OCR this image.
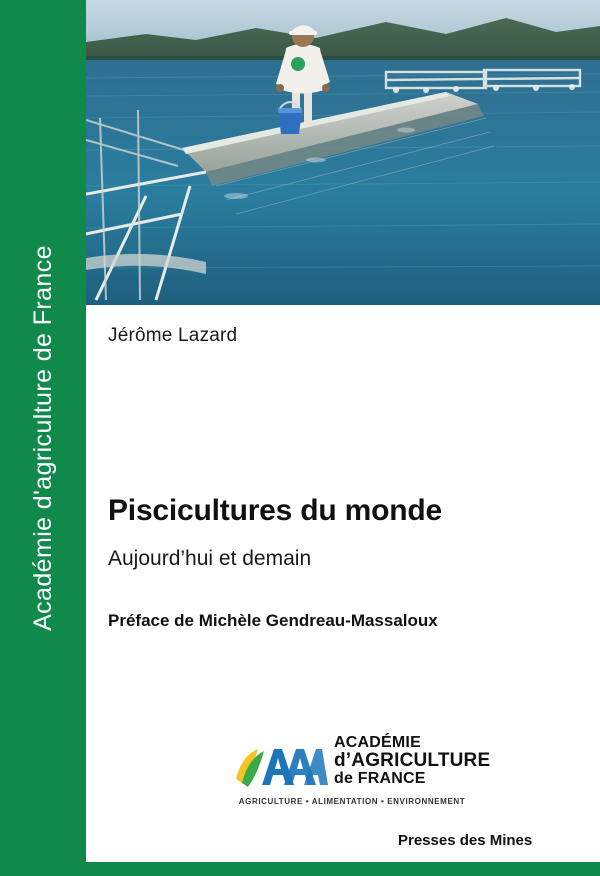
Académie d'agriculture de France	Jérôme Lazard
Piscicultures du monde
Aujourd’hui et demain
Préface de Michèle Gendreau-Massaloux
ACADÉMIE
d’AGRICULTURE
de FRANCE
AGRICULTURE • ALIMENTATION • ENVIRONNEMENT
Presses des Mines
